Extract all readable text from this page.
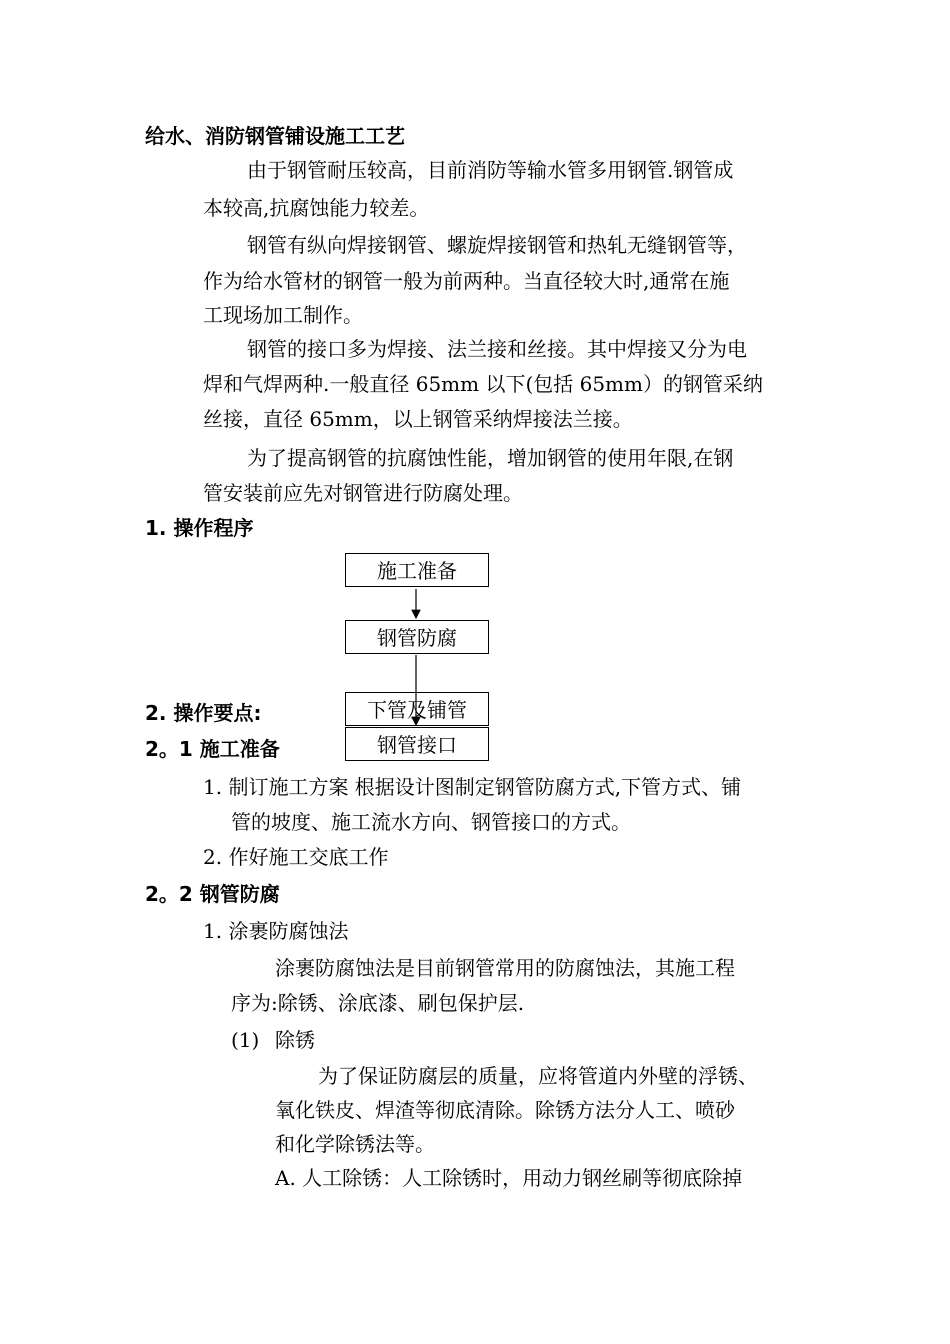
给水、消防钢管铺设施工工艺
由于钢管耐压较高，目前消防等输水管多用钢管.钢管成
本较高,抗腐蚀能力较差。
钢管有纵向焊接钢管、螺旋焊接钢管和热轧无缝钢管等，
作为给水管材的钢管一般为前两种。当直径较大时,通常在施
工现场加工制作。
钢管的接口多为焊接、法兰接和丝接。其中焊接又分为电
焊和气焊两种.一般直径 65mm 以下(包括 65mm）的钢管采纳
丝接，直径 65mm，以上钢管采纳焊接法兰接。
为了提高钢管的抗腐蚀性能，增加钢管的使用年限,在钢
管安装前应先对钢管进行防腐处理。
1. 操作程序
施工准备
钢管防腐
下管及铺管
钢管接口
2. 操作要点:
2。1 施工准备
1. 制订施工方案 根据设计图制定钢管防腐方式,下管方式、铺
管的坡度、施工流水方向、钢管接口的方式。
2. 作好施工交底工作
2。2 钢管防腐
1. 涂裹防腐蚀法
涂裹防腐蚀法是目前钢管常用的防腐蚀法，其施工程
序为:除锈、涂底漆、刷包保护层.
(1) 除锈
为了保证防腐层的质量，应将管道内外壁的浮锈、
氧化铁皮、焊渣等彻底清除。除锈方法分人工、喷砂
和化学除锈法等。
A. 人工除锈：人工除锈时，用动力钢丝刷等彻底除掉
